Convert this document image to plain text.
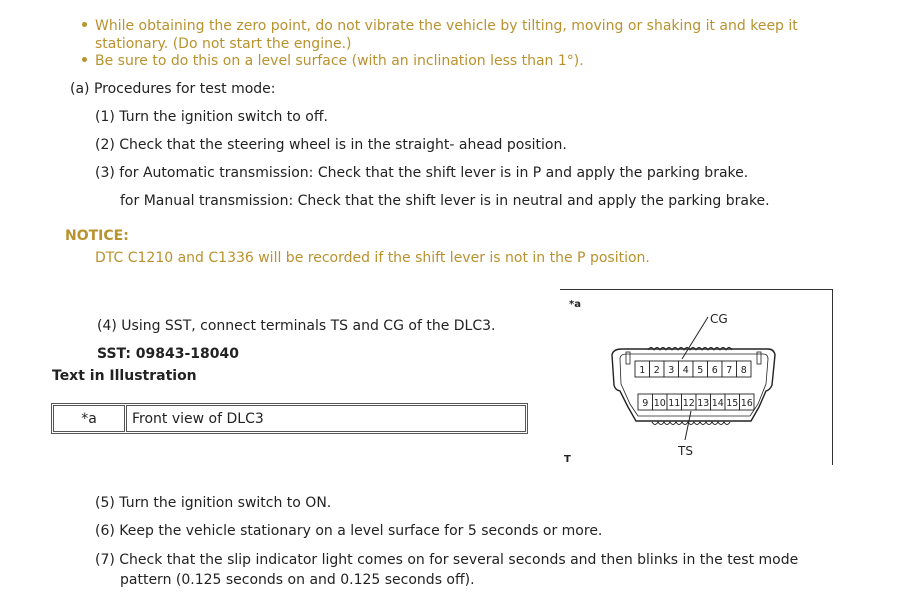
While obtaining the zero point, do not vibrate the vehicle by tilting, moving or shaking it and keep it
stationary. (Do not start the engine.)
Be sure to do this on a level surface (with an inclination less than 1°).
(a) Procedures for test mode:
(1) Turn the ignition switch to off.
(2) Check that the steering wheel is in the straight- ahead position.
(3) for Automatic transmission: Check that the shift lever is in P and apply the parking brake.
for Manual transmission: Check that the shift lever is in neutral and apply the parking brake.
NOTICE:
DTC C1210 and C1336 will be recorded if the shift lever is not in the P position.
(4) Using SST, connect terminals TS and CG of the DLC3.
SST: 09843-18040
Text in Illustration
*a	Front view of DLC3
*a
T
CG
1 2 3 4 5 6 7 8
9 10 11 12 13 14 15 16
TS
(5) Turn the ignition switch to ON.
(6) Keep the vehicle stationary on a level surface for 5 seconds or more.
(7) Check that the slip indicator light comes on for several seconds and then blinks in the test mode
pattern (0.125 seconds on and 0.125 seconds off).
